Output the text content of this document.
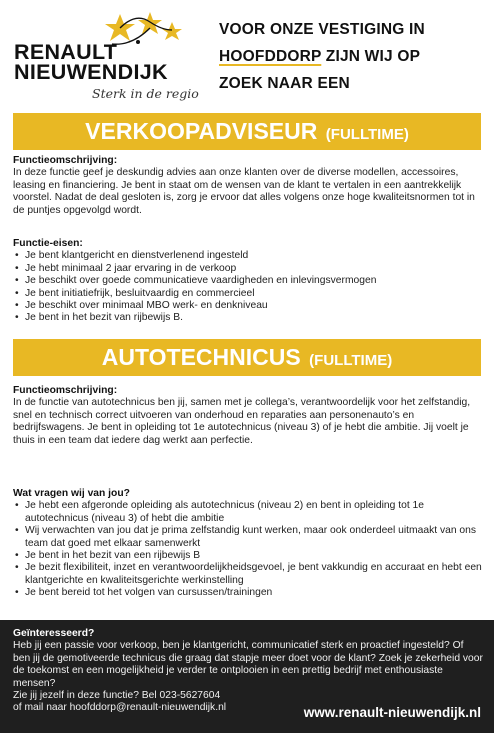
RENAULT
NIEUWENDIJK
Sterk in de regio
VOOR ONZE VESTIGING IN
HOOFDDORP ZIJN WIJ OP
ZOEK NAAR EEN
VERKOOPADVISEUR (FULLTIME)

Functieomschrijving:

In deze functie geef je deskundig advies aan onze klanten over de diverse modellen, accessoires, leasing en financiering. Je bent in staat om de wensen van de klant te vertalen in een aantrekkelijk voorstel. Nadat de deal gesloten is, zorg je ervoor dat alles volgens onze hoge kwaliteitsnormen tot in de puntjes opgevolgd wordt.

Functie-eisen:

• Je bent klantgericht en dienstverlenend ingesteld
• Je hebt minimaal 2 jaar ervaring in de verkoop
• Je beschikt over goede communicatieve vaardigheden en inlevingsvermogen
• Je bent initiatiefrijk, besluitvaardig en commercieel
• Je beschikt over minimaal MBO werk- en denkniveau
• Je bent in het bezit van rijbewijs B.
AUTOTECHNICUS (FULLTIME)

Functieomschrijving:

In de functie van autotechnicus ben jij, samen met je collega’s, verantwoordelijk voor het zelfstandig, snel en technisch correct uitvoeren van onderhoud en reparaties aan personenauto’s en bedrijfswagens. Je bent in opleiding tot 1e autotechnicus (niveau 3) of je hebt die ambitie. Jij voelt je thuis in een team dat iedere dag werkt aan perfectie.

Wat vragen wij van jou?

• Je hebt een afgeronde opleiding als autotechnicus (niveau 2) en bent in opleiding tot 1e autotechnicus (niveau 3) of hebt die ambitie
• Wij verwachten van jou dat je prima zelfstandig kunt werken, maar ook onderdeel uitmaakt van ons team dat goed met elkaar samenwerkt
• Je bent in het bezit van een rijbewijs B
• Je bezit flexibiliteit, inzet en verantwoordelijkheidsgevoel, je bent vakkundig en accuraat en hebt een klantgerichte en kwaliteitsgerichte werkinstelling
• Je bent bereid tot het volgen van cursussen/trainingen

Geïnteresseerd?

Heb jij een passie voor verkoop, ben je klantgericht, communicatief sterk en proactief ingesteld? Of ben jij de gemotiveerde technicus die graag dat stapje meer doet voor de klant? Zoek je zekerheid voor de toekomst en een mogelijkheid je verder te ontplooien in een prettig bedrijf met enthousiaste mensen?

Zie jij jezelf in deze functie? Bel 023-5627604

of mail naar hoofddorp@renault-nieuwendijk.nl	www.renault-nieuwendijk.nl
